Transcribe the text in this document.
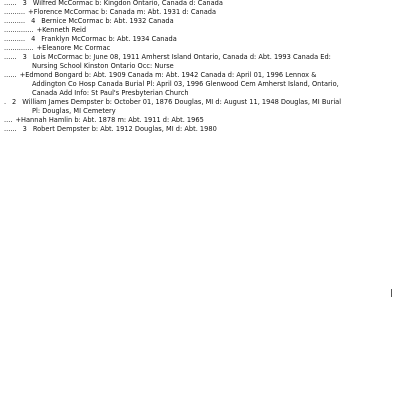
...... 3 Wilfred McCormac b: Kingdon Ontario, Canada d: Canada
.......... +Florence McCormac b: Canada m: Abt. 1931 d: Canada
.......... 4 Bernice McCormac b: Abt. 1932 Canada
.............. +Kenneth Reid
.......... 4 Franklyn McCormac b: Abt. 1934 Canada
.............. +Eleanore Mc Cormac
...... 3 Lois McCormac b: June 08, 1911 Amherst Island Ontario, Canada d: Abt. 1993 Canada Ed:
Nursing School Kinston Ontario Occ: Nurse
...... +Edmond Bongard b: Abt. 1909 Canada m: Abt. 1942 Canada d: April 01, 1996 Lennox &
Addington Co Hosp Canada Burial Pl: April 03, 1996 Glenwood Cem Amherst Island, Ontario,
Canada Add Info: St Paul's Presbyterian Church
. 2 William James Dempster b: October 01, 1876 Douglas, MI d: August 11, 1948 Douglas, MI Burial
Pl: Douglas, MI Cemetery
.... +Hannah Hamlin b: Abt. 1878 m: Abt. 1911 d: Abt. 1965
...... 3 Robert Dempster b: Abt. 1912 Douglas, MI d: Abt. 1980
